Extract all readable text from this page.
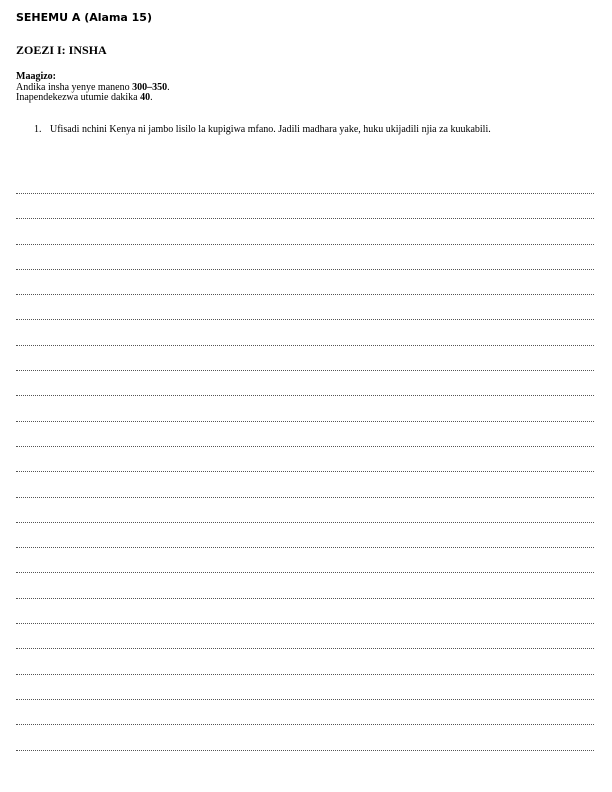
SEHEMU A (Alama 15)
ZOEZI I: INSHA
Maagizo:
Andika insha yenye maneno 300–350.
Inapendekezwa utumie dakika 40.
1. Ufisadi nchini Kenya ni jambo lisilo la kupigiwa mfano. Jadili madhara yake, huku ukijadili njia za kuukabili.
